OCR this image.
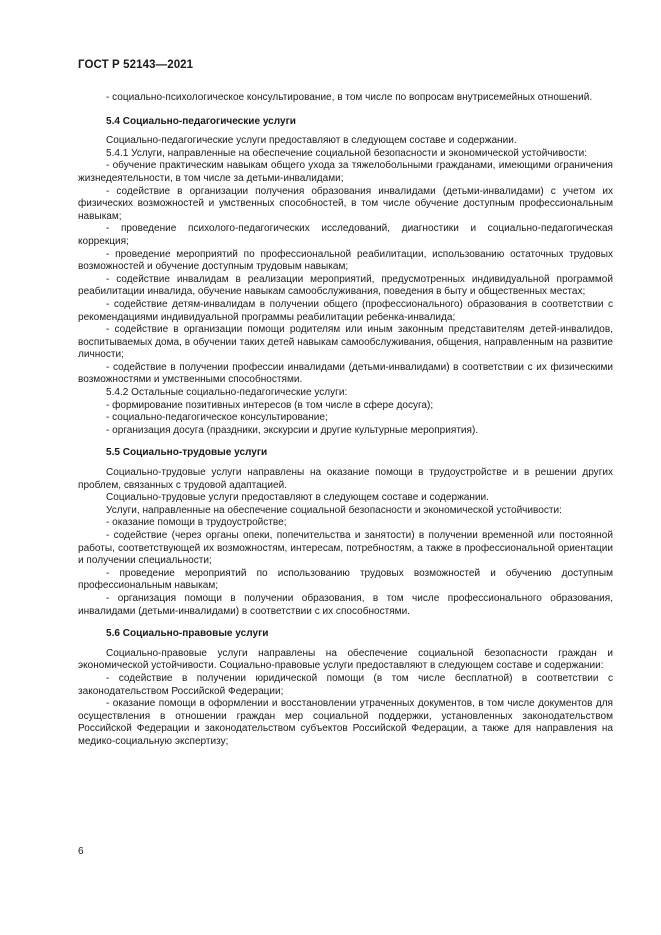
ГОСТ Р 52143—2021

- социально-психологическое консультирование, в том числе по вопросам внутрисемейных отношений.

5.4 Социально-педагогические услуги

Социально-педагогические услуги предоставляют в следующем составе и содержании.

5.4.1 Услуги, направленные на обеспечение социальной безопасности и экономической устойчивости:

- обучение практическим навыкам общего ухода за тяжелобольными гражданами, имеющими ограничения жизнедеятельности, в том числе за детьми-инвалидами;

- содействие в организации получения образования инвалидами (детьми-инвалидами) с учетом их физических возможностей и умственных способностей, в том числе обучение доступным профессиональным навыкам;

- проведение психолого-педагогических исследований, диагностики и социально-педагогическая коррекция;

- проведение мероприятий по профессиональной реабилитации, использованию остаточных трудовых возможностей и обучение доступным трудовым навыкам;

- содействие инвалидам в реализации мероприятий, предусмотренных индивидуальной программой реабилитации инвалида, обучение навыкам самообслуживания, поведения в быту и общественных местах;

- содействие детям-инвалидам в получении общего (профессионального) образования в соответствии с рекомендациями индивидуальной программы реабилитации ребенка-инвалида;

- содействие в организации помощи родителям или иным законным представителям детей-инвалидов, воспитываемых дома, в обучении таких детей навыкам самообслуживания, общения, направленным на развитие личности;

- содействие в получении профессии инвалидами (детьми-инвалидами) в соответствии с их физическими возможностями и умственными способностями.

5.4.2 Остальные социально-педагогические услуги:

- формирование позитивных интересов (в том числе в сфере досуга);

- социально-педагогическое консультирование;

- организация досуга (праздники, экскурсии и другие культурные мероприятия).

5.5 Социально-трудовые услуги

Социально-трудовые услуги направлены на оказание помощи в трудоустройстве и в решении других проблем, связанных с трудовой адаптацией.

Социально-трудовые услуги предоставляют в следующем составе и содержании.

Услуги, направленные на обеспечение социальной безопасности и экономической устойчивости:

- оказание помощи в трудоустройстве;

- содействие (через органы опеки, попечительства и занятости) в получении временной или постоянной работы, соответствующей их возможностям, интересам, потребностям, а также в профессиональной ориентации и получении специальности;

- проведение мероприятий по использованию трудовых возможностей и обучению доступным профессиональным навыкам;

- организация помощи в получении образования, в том числе профессионального образования, инвалидами (детьми-инвалидами) в соответствии с их способностями.

5.6 Социально-правовые услуги

Социально-правовые услуги направлены на обеспечение социальной безопасности граждан и экономической устойчивости. Социально-правовые услуги предоставляют в следующем составе и содержании:

- содействие в получении юридической помощи (в том числе бесплатной) в соответствии с законодательством Российской Федерации;

- оказание помощи в оформлении и восстановлении утраченных документов, в том числе документов для осуществления в отношении граждан мер социальной поддержки, установленных законодательством Российской Федерации и законодательством субъектов Российской Федерации, а также для направления на медико-социальную экспертизу;

6
